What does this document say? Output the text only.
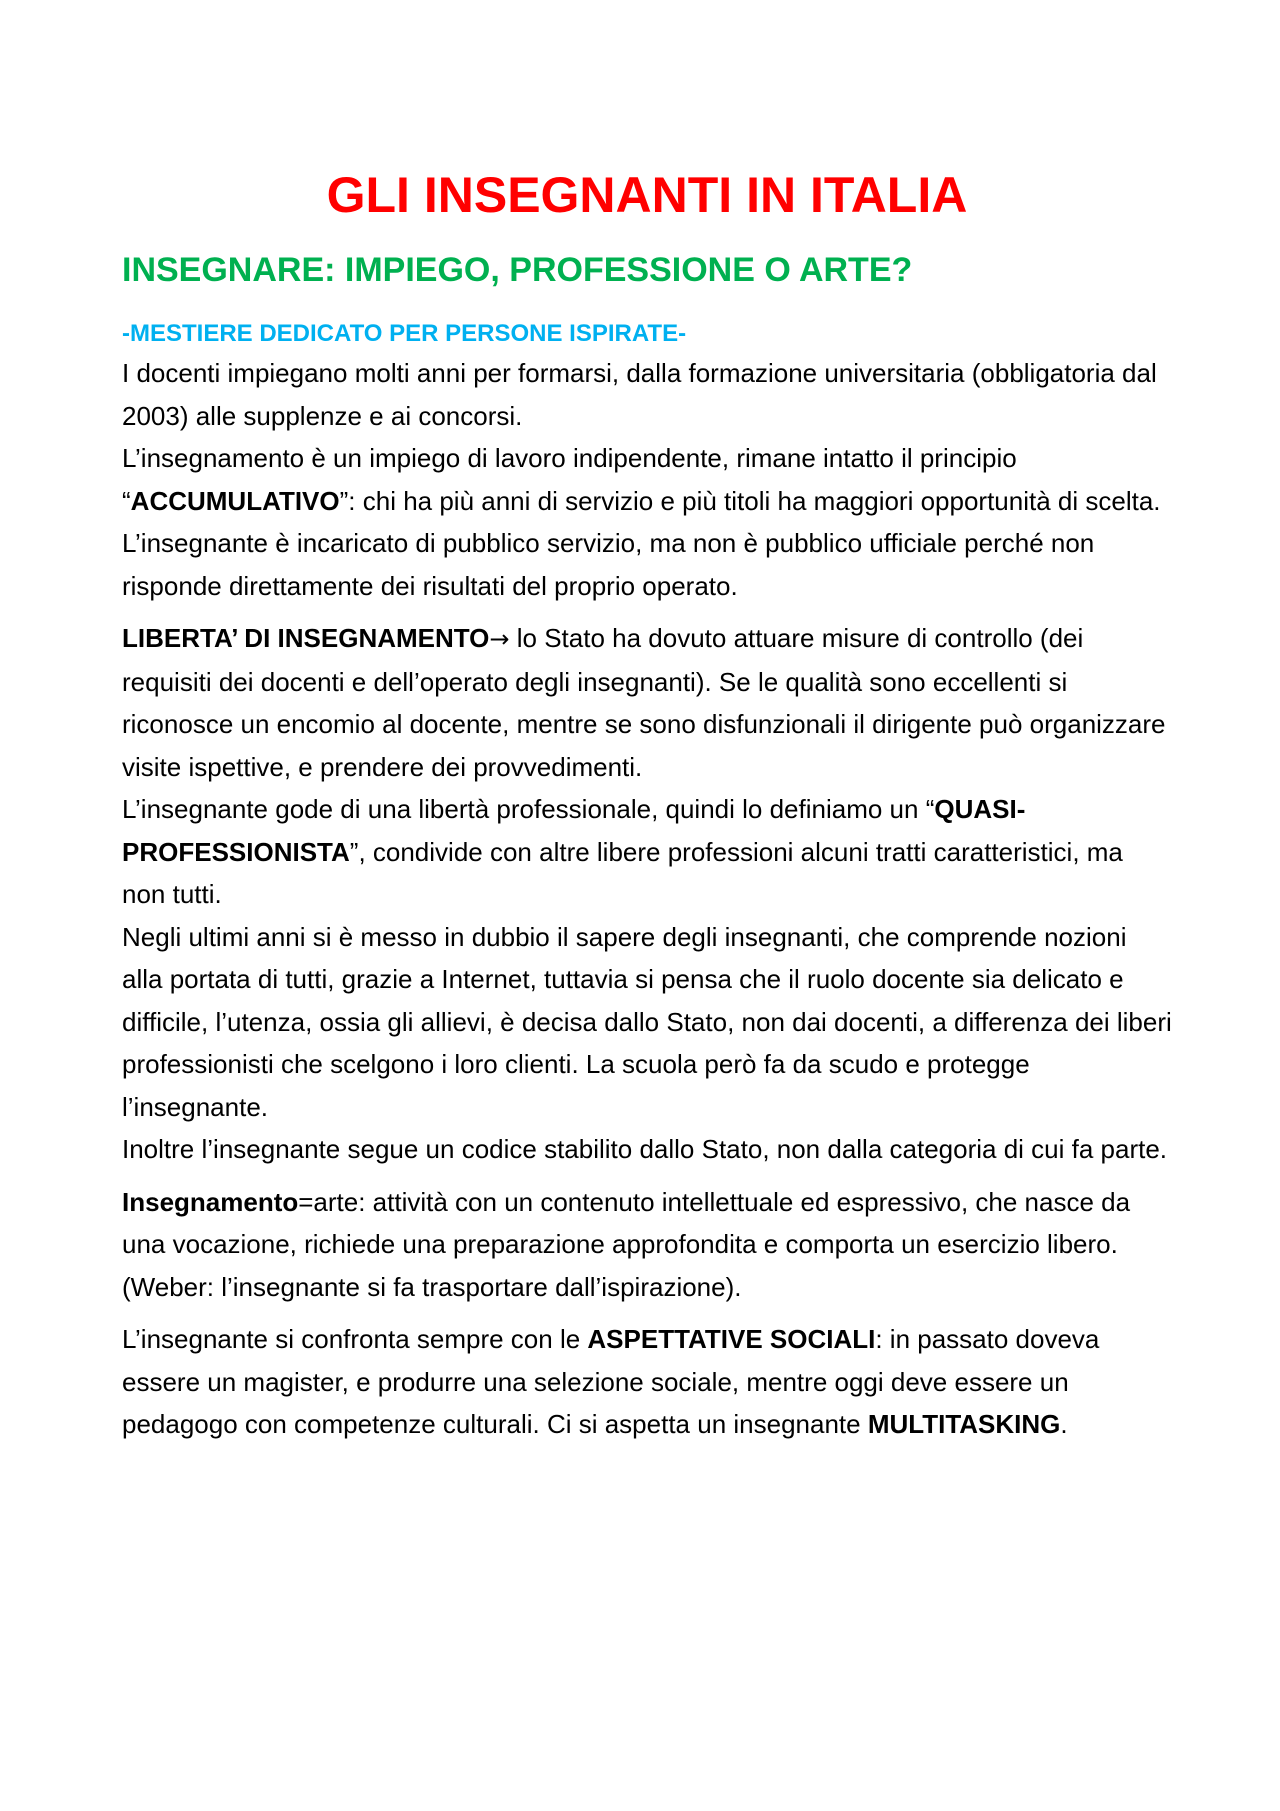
GLI INSEGNANTI IN ITALIA
INSEGNARE: IMPIEGO, PROFESSIONE O ARTE?
-MESTIERE DEDICATO PER PERSONE ISPIRATE-

I docenti impiegano molti anni per formarsi, dalla formazione universitaria (obbligatoria dal 2003) alle supplenze e ai concorsi.

L’insegnamento è un impiego di lavoro indipendente, rimane intatto il principio “ACCUMULATIVO”: chi ha più anni di servizio e più titoli ha maggiori opportunità di scelta.

L’insegnante è incaricato di pubblico servizio, ma non è pubblico ufficiale perché non risponde direttamente dei risultati del proprio operato.

LIBERTA’ DI INSEGNAMENTO→ lo Stato ha dovuto attuare misure di controllo (dei requisiti dei docenti e dell’operato degli insegnanti). Se le qualità sono eccellenti si riconosce un encomio al docente, mentre se sono disfunzionali il dirigente può organizzare visite ispettive, e prendere dei provvedimenti.

L’insegnante gode di una libertà professionale, quindi lo definiamo un “QUASI-PROFESSIONISTA”, condivide con altre libere professioni alcuni tratti caratteristici, ma non tutti.

Negli ultimi anni si è messo in dubbio il sapere degli insegnanti, che comprende nozioni alla portata di tutti, grazie a Internet, tuttavia si pensa che il ruolo docente sia delicato e difficile, l’utenza, ossia gli allievi, è decisa dallo Stato, non dai docenti, a differenza dei liberi professionisti che scelgono i loro clienti. La scuola però fa da scudo e protegge l’insegnante.

Inoltre l’insegnante segue un codice stabilito dallo Stato, non dalla categoria di cui fa parte.

Insegnamento=arte: attività con un contenuto intellettuale ed espressivo, che nasce da una vocazione, richiede una preparazione approfondita e comporta un esercizio libero. (Weber: l’insegnante si fa trasportare dall’ispirazione).

L’insegnante si confronta sempre con le ASPETTATIVE SOCIALI: in passato doveva essere un magister, e produrre una selezione sociale, mentre oggi deve essere un pedagogo con competenze culturali. Ci si aspetta un insegnante MULTITASKING.
